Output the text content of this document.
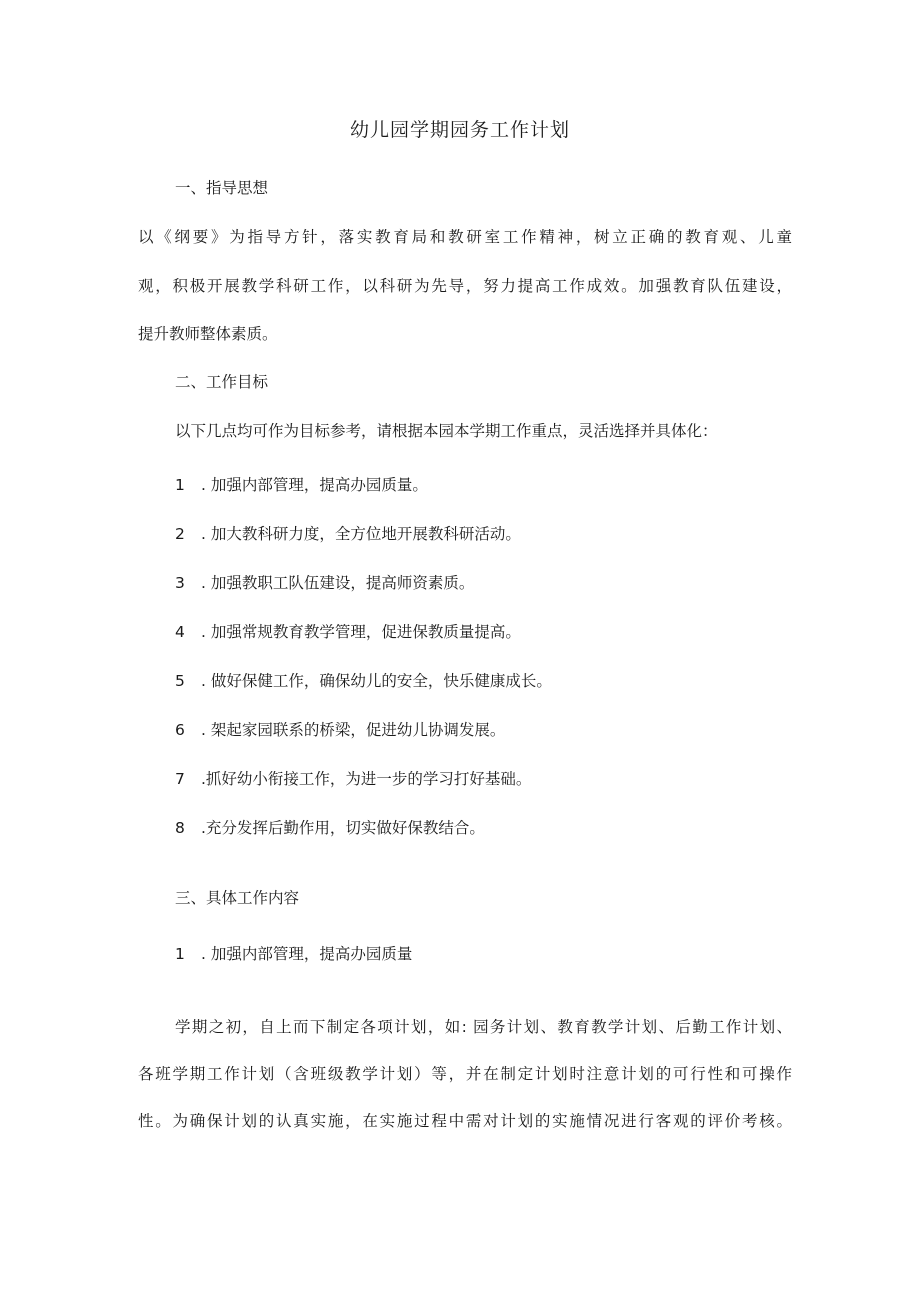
幼儿园学期园务工作计划
一、指导思想
以《纲要》为指导方针，落实教育局和教研室工作精神，树立正确的教育观、儿童
观，积极开展教学科研工作，以科研为先导，努力提高工作成效。加强教育队伍建设，
提升教师整体素质。
二、工作目标
以下几点均可作为目标参考，请根据本园本学期工作重点，灵活选择并具体化：
1 . 加强内部管理，提高办园质量。
2 . 加大教科研力度，全方位地开展教科研活动。
3 . 加强教职工队伍建设，提高师资素质。
4 . 加强常规教育教学管理，促进保教质量提高。
5 . 做好保健工作，确保幼儿的安全，快乐健康成长。
6 . 架起家园联系的桥梁，促进幼儿协调发展。
7 .抓好幼小衔接工作，为进一步的学习打好基础。
8 .充分发挥后勤作用，切实做好保教结合。
三、具体工作内容
1 . 加强内部管理，提高办园质量
学期之初，自上而下制定各项计划，如: 园务计划、教育教学计划、后勤工作计划、
各班学期工作计划（含班级教学计划）等，并在制定计划时注意计划的可行性和可操作
性。为确保计划的认真实施，在实施过程中需对计划的实施情况进行客观的评价考核。
